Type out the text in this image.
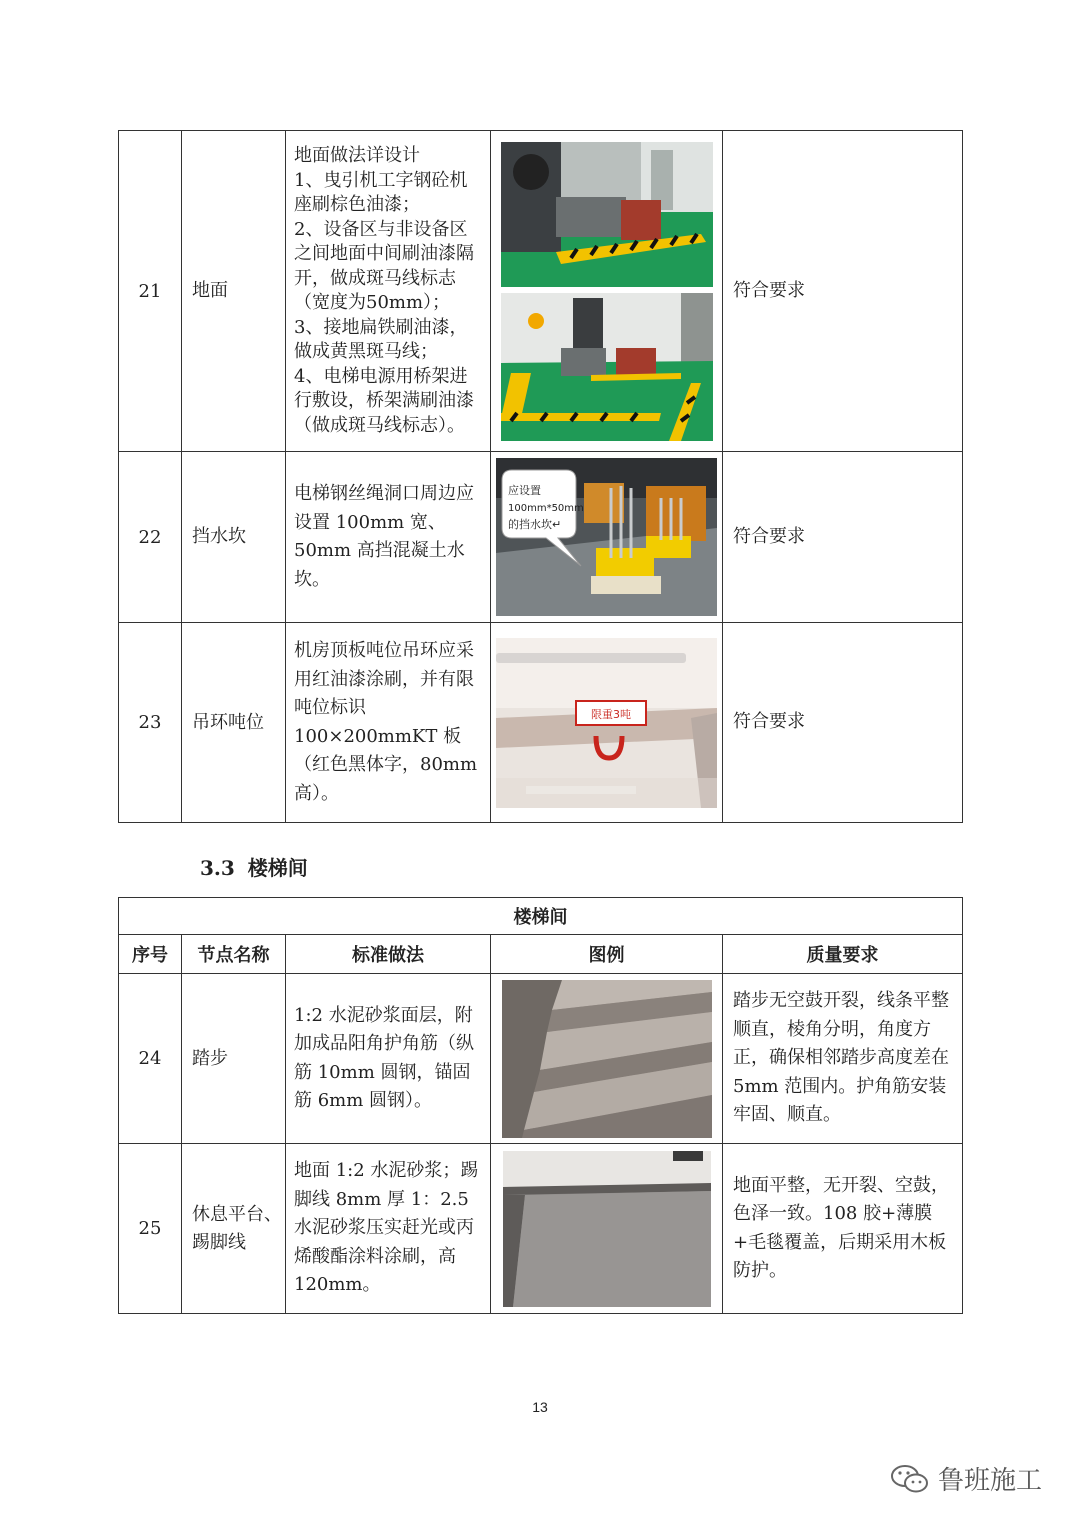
21	地面	地面做法详设计
1、曳引机工字钢砼机座刷棕色油漆；
2、设备区与非设备区之间地面中间刷油漆隔开，做成斑马线标志（宽度为50mm）；
3、接地扁铁刷油漆，做成黄黑斑马线；
4、电梯电源用桥架进行敷设，桥架满刷油漆（做成斑马线标志）。		符合要求
22	挡水坎	电梯钢丝绳洞口周边应设置 100mm 宽、50mm 高挡混凝土水坎。	应设置
100mm*50mm
的挡水坎↵	符合要求
23	吊环吨位	机房顶板吨位吊环应采用红油漆涂刷，并有限吨位标识 100×200mmKT 板（红色黑体字，80mm 高）。	限重3吨	符合要求
3.3 楼梯间
楼梯间				
序号	节点名称	标准做法	图例	质量要求
24	踏步	1:2 水泥砂浆面层，附加成品阳角护角筋（纵筋 10mm 圆钢，锚固筋 6mm 圆钢）。		踏步无空鼓开裂，线条平整顺直，棱角分明，角度方正，确保相邻踏步高度差在 5mm 范围内。护角筋安装牢固、顺直。
25	休息平台、踢脚线	地面 1:2 水泥砂浆；踢脚线 8mm 厚 1：2.5 水泥砂浆压实赶光或丙烯酸酯涂料涂刷，高 120mm。		地面平整，无开裂、空鼓，色泽一致。108 胶+薄膜+毛毯覆盖，后期采用木板防护。
13
鲁班施工
